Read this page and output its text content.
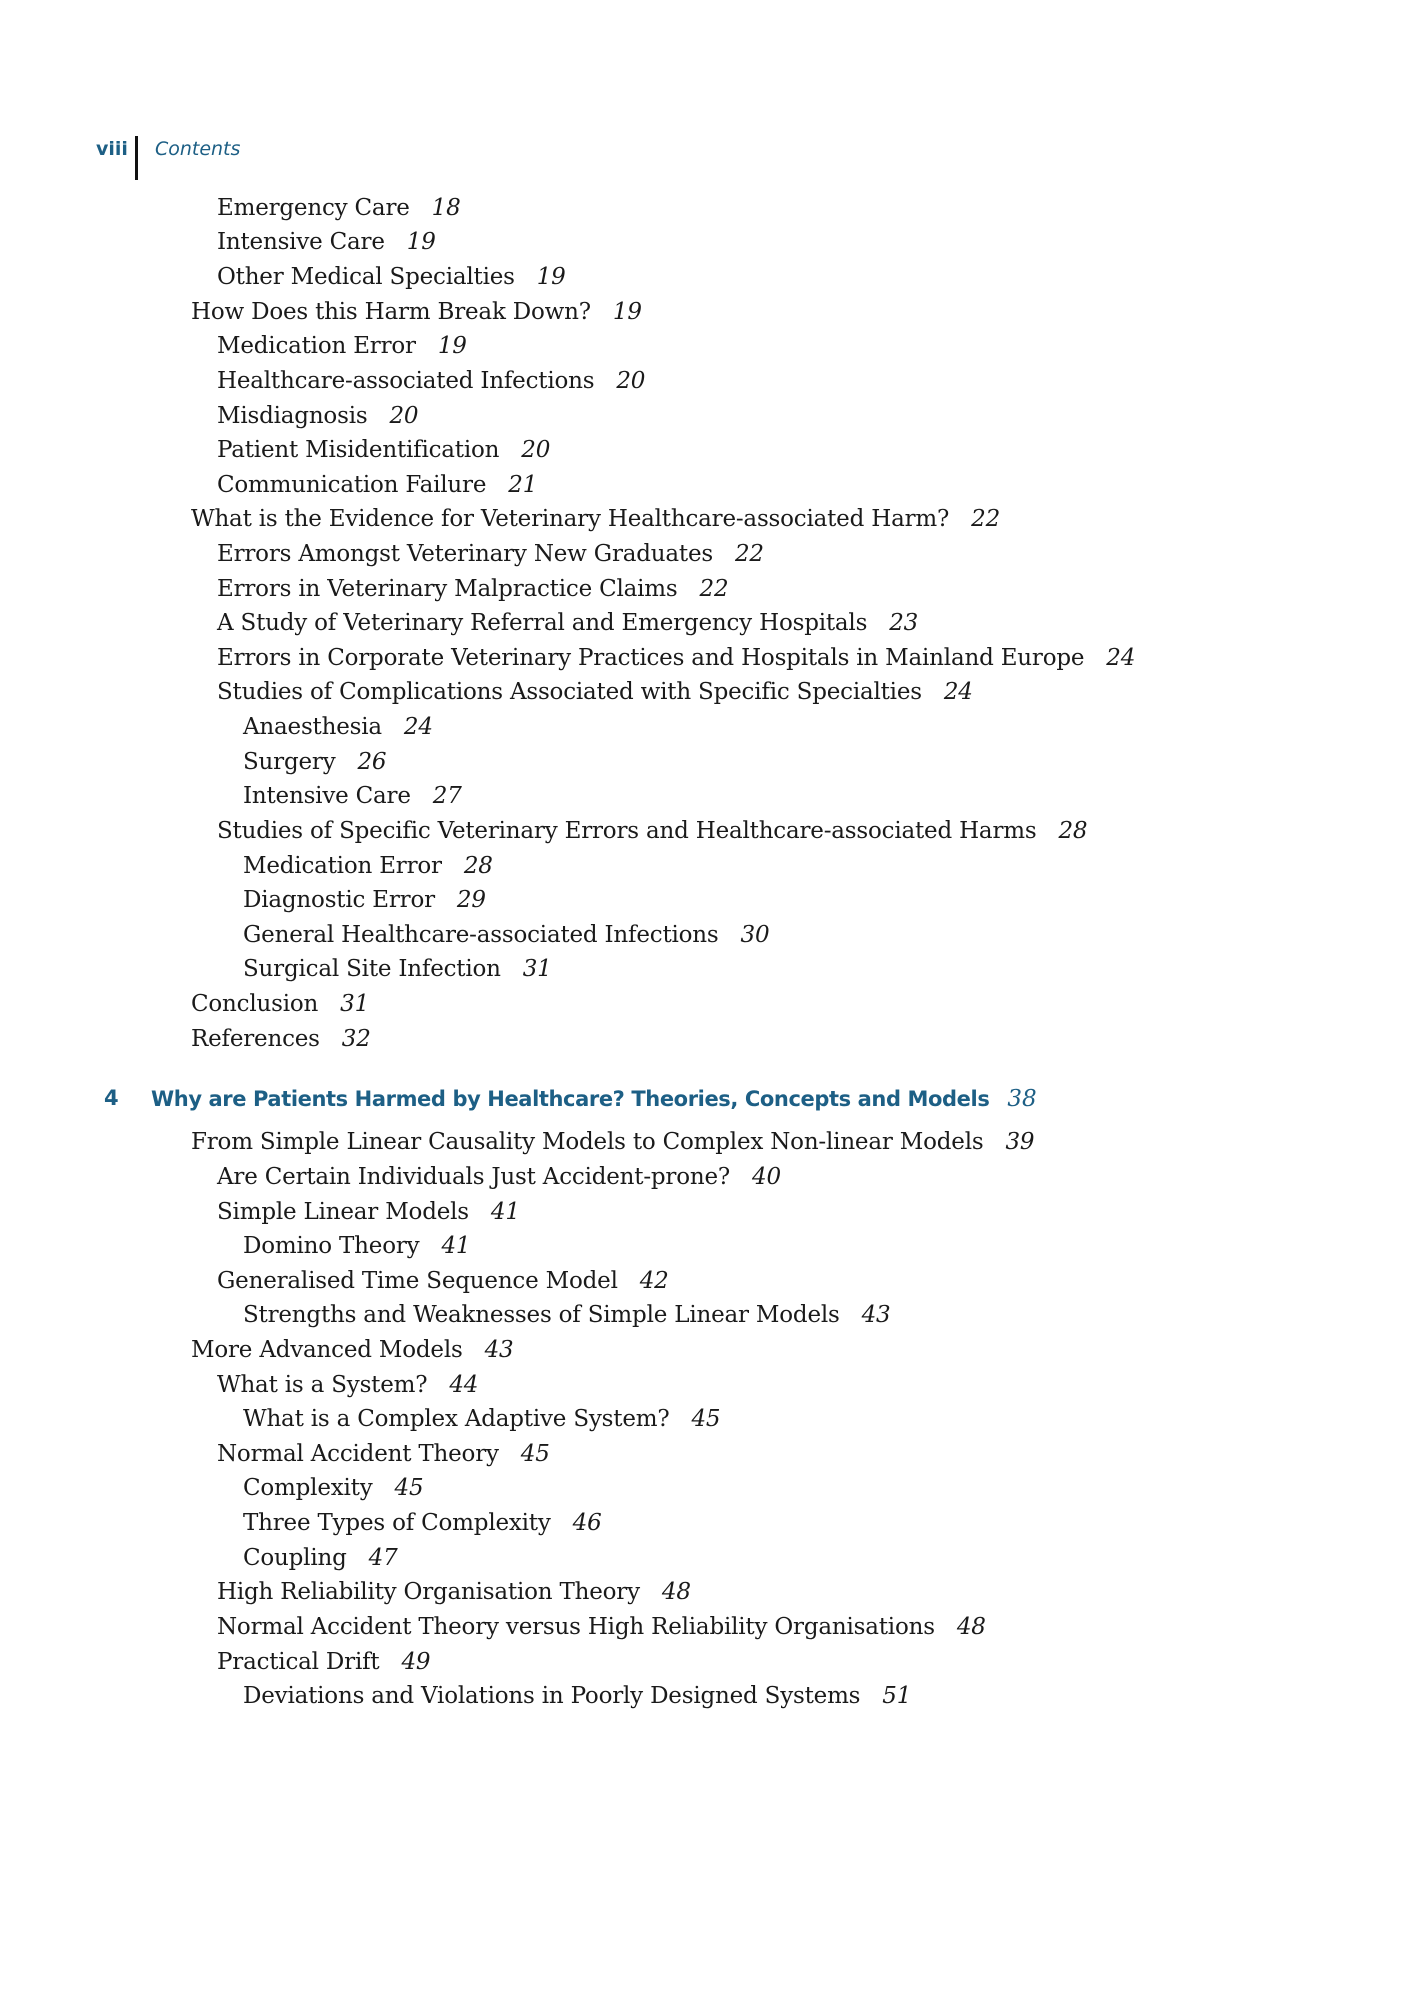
viii Contents
Emergency Care 18
Intensive Care 19
Other Medical Specialties 19
How Does this Harm Break Down? 19
Medication Error 19
Healthcare-associated Infections 20
Misdiagnosis 20
Patient Misidentification 20
Communication Failure 21
What is the Evidence for Veterinary Healthcare-associated Harm? 22
Errors Amongst Veterinary New Graduates 22
Errors in Veterinary Malpractice Claims 22
A Study of Veterinary Referral and Emergency Hospitals 23
Errors in Corporate Veterinary Practices and Hospitals in Mainland Europe 24
Studies of Complications Associated with Specific Specialties 24
Anaesthesia 24
Surgery 26
Intensive Care 27
Studies of Specific Veterinary Errors and Healthcare-associated Harms 28
Medication Error 28
Diagnostic Error 29
General Healthcare-associated Infections 30
Surgical Site Infection 31
Conclusion 31
References 32
4 Why are Patients Harmed by Healthcare? Theories, Concepts and Models 38
From Simple Linear Causality Models to Complex Non-linear Models 39
Are Certain Individuals Just Accident-prone? 40
Simple Linear Models 41
Domino Theory 41
Generalised Time Sequence Model 42
Strengths and Weaknesses of Simple Linear Models 43
More Advanced Models 43
What is a System? 44
What is a Complex Adaptive System? 45
Normal Accident Theory 45
Complexity 45
Three Types of Complexity 46
Coupling 47
High Reliability Organisation Theory 48
Normal Accident Theory versus High Reliability Organisations 48
Practical Drift 49
Deviations and Violations in Poorly Designed Systems 51
